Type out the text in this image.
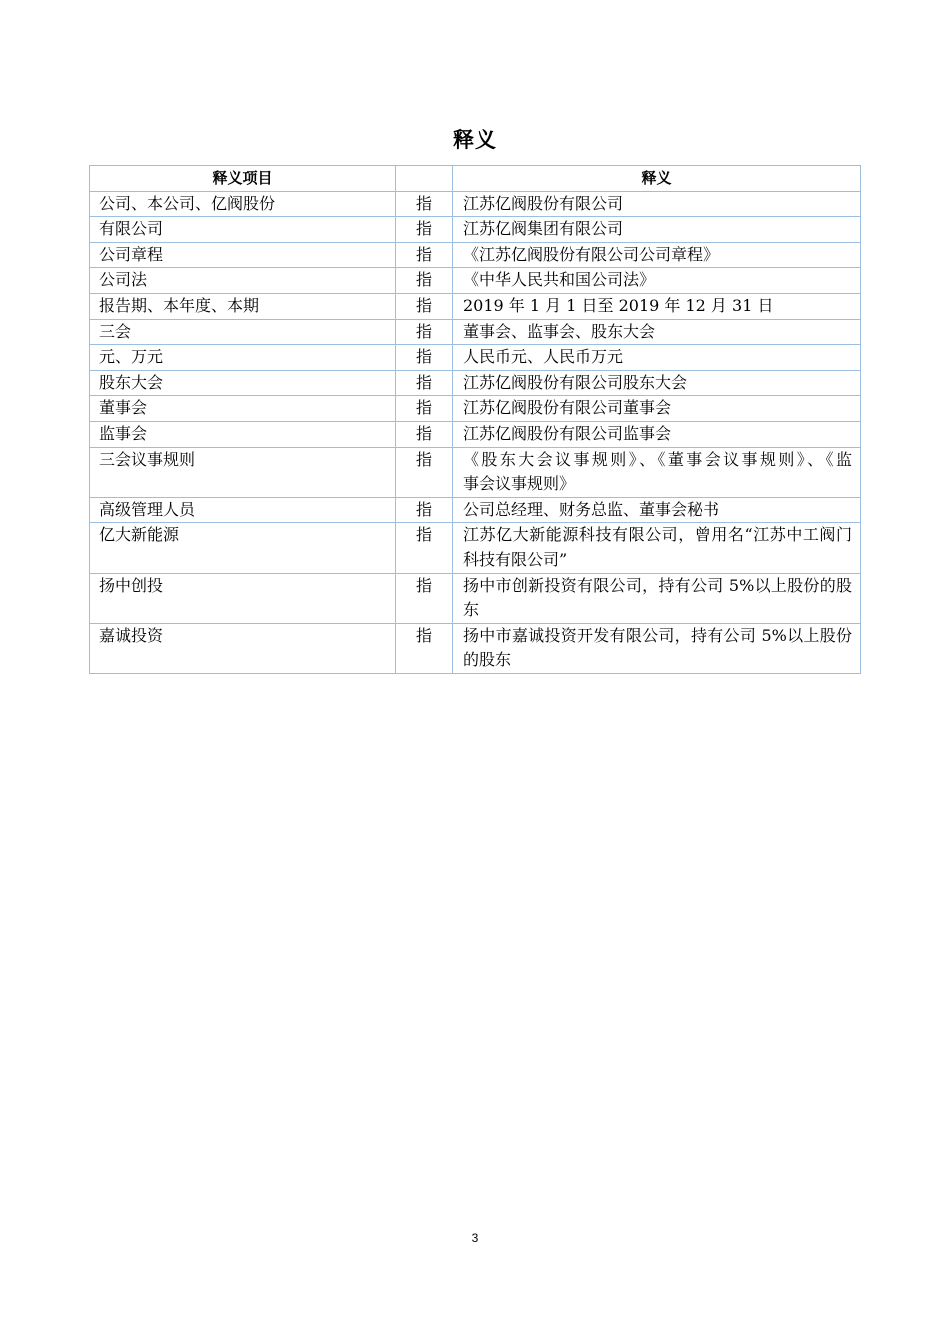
释义
释义项目		释义
公司、本公司、亿阀股份	指	江苏亿阀股份有限公司

有限公司	指	江苏亿阀集团有限公司

公司章程	指	《江苏亿阀股份有限公司公司章程》

公司法	指	《中华人民共和国公司法》

报告期、本年度、本期	指	2019 年 1 月 1 日至 2019 年 12 月 31 日

三会	指	董事会、监事会、股东大会

元、万元	指	人民币元、人民币万元

股东大会	指	江苏亿阀股份有限公司股东大会

董事会	指	江苏亿阀股份有限公司董事会

监事会	指	江苏亿阀股份有限公司监事会

三会议事规则	指	《股东大会议事规则》、《董事会议事规则》、《监
事会议事规则》

高级管理人员	指	公司总经理、财务总监、董事会秘书

亿大新能源	指	江苏亿大新能源科技有限公司，曾用名“江苏中工阀门
科技有限公司”

扬中创投	指	扬中市创新投资有限公司，持有公司 5%以上股份的股
东

嘉诚投资	指	扬中市嘉诚投资开发有限公司，持有公司 5%以上股份
的股东
3
